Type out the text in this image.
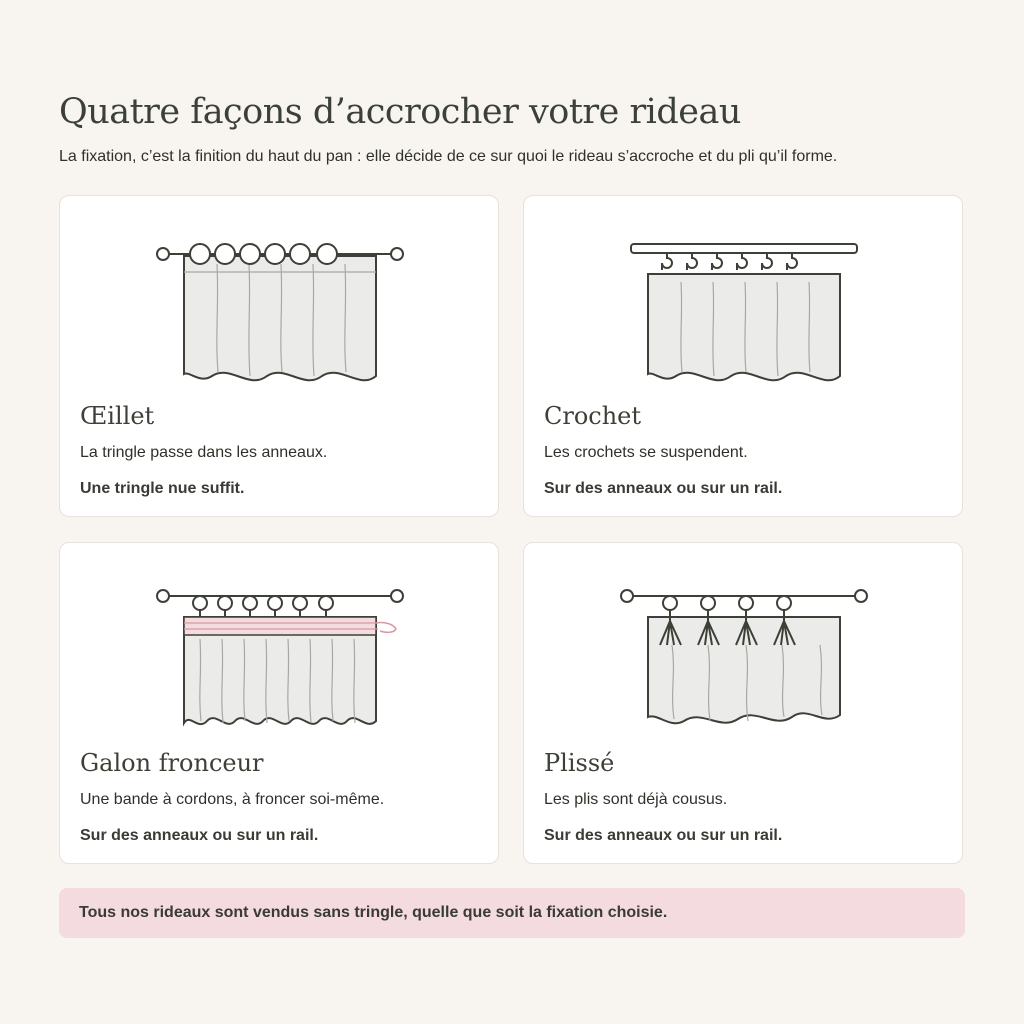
Quatre façons d’accrocher votre rideau

La fixation, c’est la finition du haut du pan : elle décide de ce sur quoi le rideau s’accroche et du pli qu’il forme.

Œillet

La tringle passe dans les anneaux.

Une tringle nue suffit.

Crochet

Les crochets se suspendent.

Sur des anneaux ou sur un rail.

Galon fronceur

Une bande à cordons, à froncer soi-même.

Sur des anneaux ou sur un rail.

Plissé

Les plis sont déjà cousus.

Sur des anneaux ou sur un rail.

Tous nos rideaux sont vendus sans tringle, quelle que soit la fixation choisie.
